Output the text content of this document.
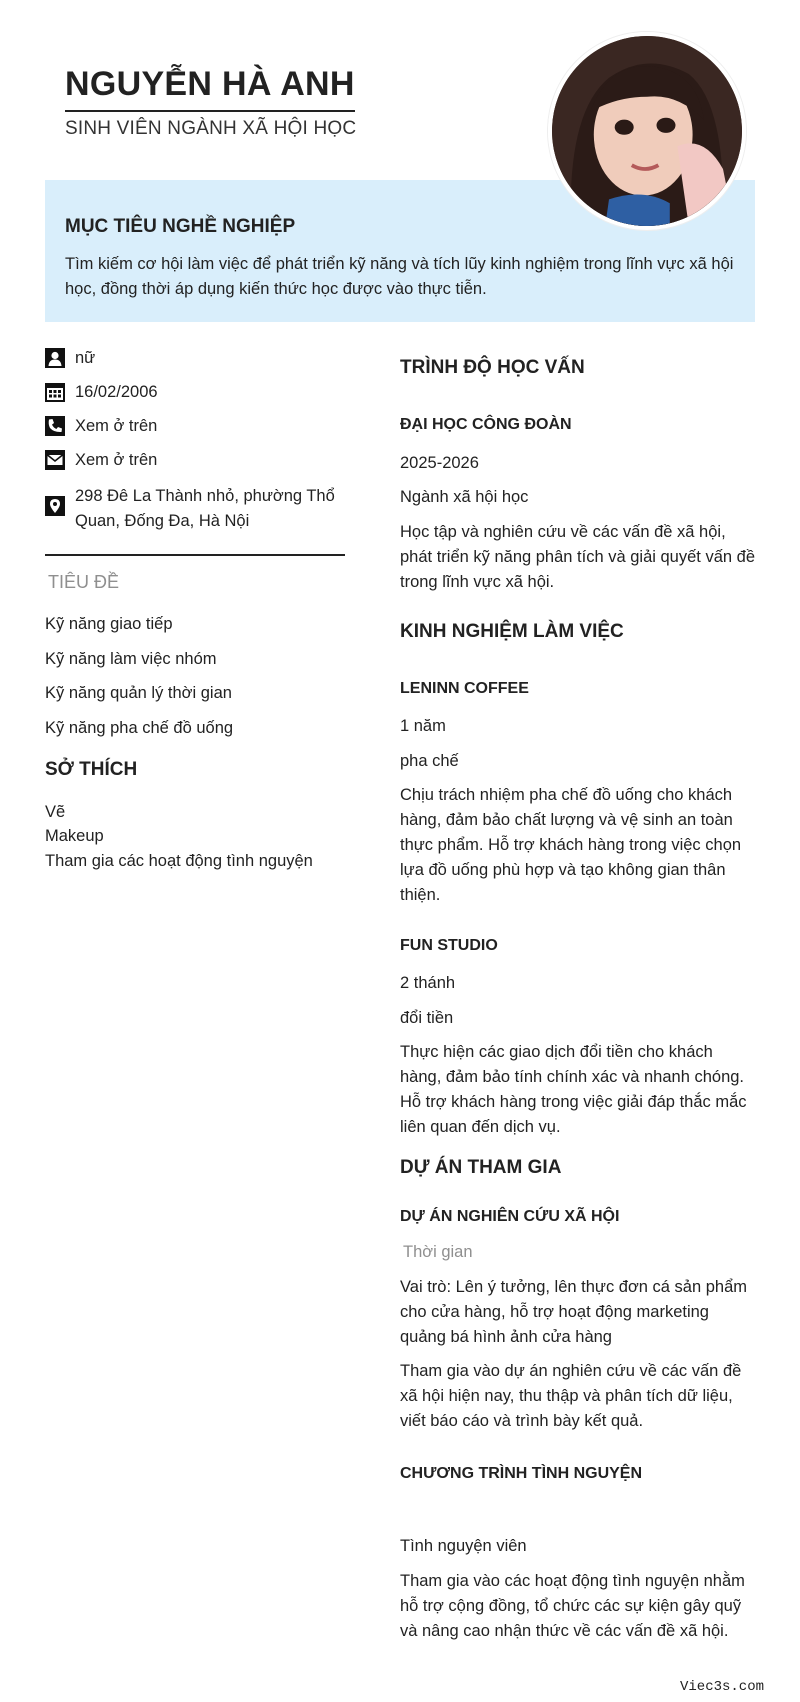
NGUYỄN HÀ ANH
SINH VIÊN NGÀNH XÃ HỘI HỌC
MỤC TIÊU NGHỀ NGHIỆP
Tìm kiếm cơ hội làm việc để phát triển kỹ năng và tích lũy kinh nghiệm trong lĩnh vực xã hội học, đồng thời áp dụng kiến thức học được vào thực tiễn.
nữ
16/02/2006
Xem ở trên
Xem ở trên
298 Đê La Thành nhỏ, phường Thổ Quan, Đống Đa, Hà Nội
TIÊU ĐỀ
Kỹ năng giao tiếp
Kỹ năng làm việc nhóm
Kỹ năng quản lý thời gian
Kỹ năng pha chế đồ uống
SỞ THÍCH
Vẽ
Makeup
Tham gia các hoạt động tình nguyện
TRÌNH ĐỘ HỌC VẤN
ĐẠI HỌC CÔNG ĐOÀN
2025-2026
Ngành xã hội học
Học tập và nghiên cứu về các vấn đề xã hội, phát triển kỹ năng phân tích và giải quyết vấn đề trong lĩnh vực xã hội.
KINH NGHIỆM LÀM VIỆC
LENINN COFFEE
1 năm
pha chế
Chịu trách nhiệm pha chế đồ uống cho khách hàng, đảm bảo chất lượng và vệ sinh an toàn thực phẩm. Hỗ trợ khách hàng trong việc chọn lựa đồ uống phù hợp và tạo không gian thân thiện.
FUN STUDIO
2 thánh
đổi tiền
Thực hiện các giao dịch đổi tiền cho khách hàng, đảm bảo tính chính xác và nhanh chóng. Hỗ trợ khách hàng trong việc giải đáp thắc mắc liên quan đến dịch vụ.
DỰ ÁN THAM GIA
DỰ ÁN NGHIÊN CỨU XÃ HỘI
Thời gian
Vai trò: Lên ý tưởng, lên thực đơn cá sản phẩm cho cửa hàng, hỗ trợ hoạt động marketing quảng bá hình ảnh cửa hàng
Tham gia vào dự án nghiên cứu về các vấn đề xã hội hiện nay, thu thập và phân tích dữ liệu, viết báo cáo và trình bày kết quả.
CHƯƠNG TRÌNH TÌNH NGUYỆN
Tình nguyện viên
Tham gia vào các hoạt động tình nguyện nhằm hỗ trợ cộng đồng, tổ chức các sự kiện gây quỹ và nâng cao nhận thức về các vấn đề xã hội.
Viec3s.com
